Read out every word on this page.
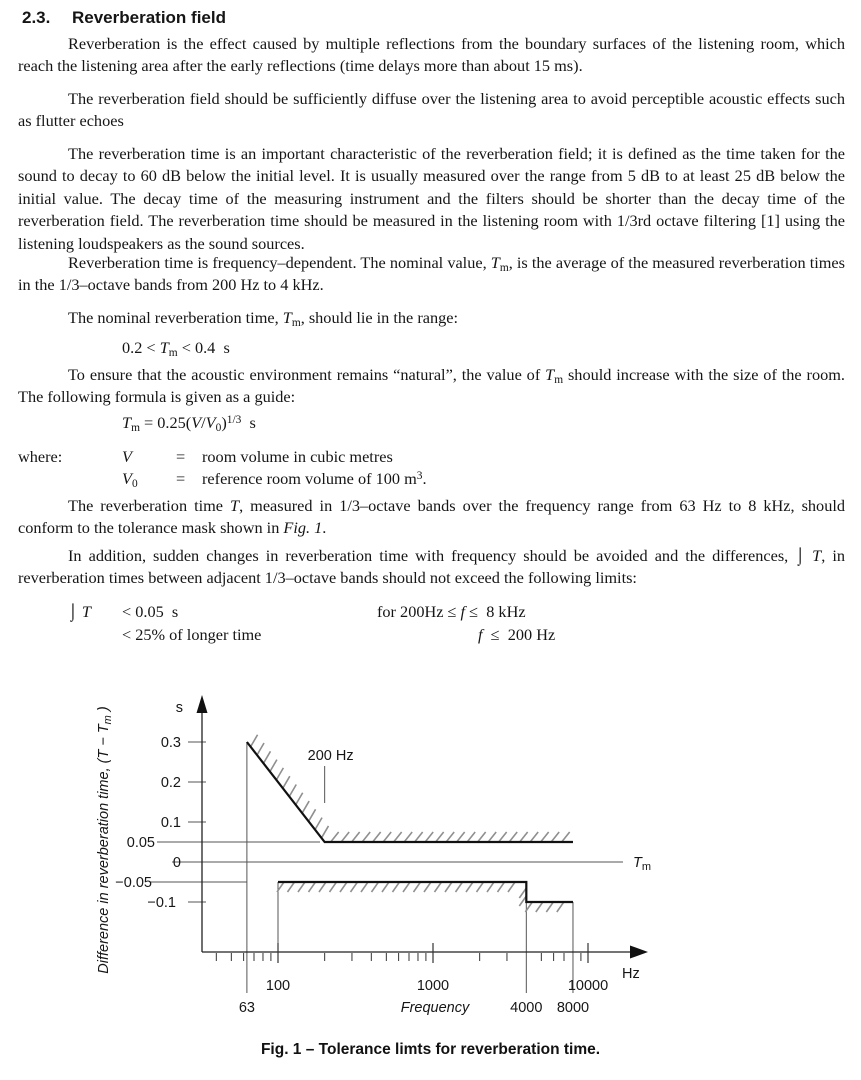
2.3. Reverberation field

Reverberation is the effect caused by multiple reflections from the boundary surfaces of the listening room, which reach the listening area after the early reflections (time delays more than about 15 ms).

The reverberation field should be sufficiently diffuse over the listening area to avoid perceptible acoustic effects such as flutter echoes

The reverberation time is an important characteristic of the reverberation field; it is defined as the time taken for the sound to decay to 60 dB below the initial level. It is usually measured over the range from 5 dB to at least 25 dB below the initial value. The decay time of the measuring instrument and the filters should be shorter than the decay time of the reverberation field. The reverberation time should be measured in the listening room with 1/3rd octave filtering [1] using the listening loudspeakers as the sound sources.

Reverberation time is frequency–dependent. The nominal value, $T_m$, is the average of the measured reverberation times in the 1/3–octave bands from 200 Hz to 4 kHz.

The nominal reverberation time, $T_m$, should lie in the range:

$0.2 < T_m < 0.4$ s

To ensure that the acoustic environment remains “natural”, the value of $T_m$ should increase with the size of the room. The following formula is given as a guide:

$T_m = 0.25(V/V_0)^{1/3}$ s
where:	V	=	room volume in cubic metres
$V_0$	=	reference room volume of 100 $m^3$.

The reverberation time T, measured in 1/3–octave bands over the frequency range from 63 Hz to 8 kHz, should conform to the tolerance mask shown in Fig. 1.

In addition, sudden changes in reverberation time with frequency should be avoided and the differences, ⌡ T, in reverberation times between adjacent 1/3–octave bands should not exceed the following limits:

⌡ T < 0.05 s	for 200Hz ≤ f ≤ 8 kHz
< 25% of longer time	f ≤ 200 Hz
63	4000 8000
0.3
0.2
0.1
0.05
0
−0.05
−0.1
$T_m$
100	1000	10000
Hz
s
Frequency
Difference in reverberation time, ($T - T_m$ )
200 Hz
Fig. 1 – Tolerance limts for reverberation time.
